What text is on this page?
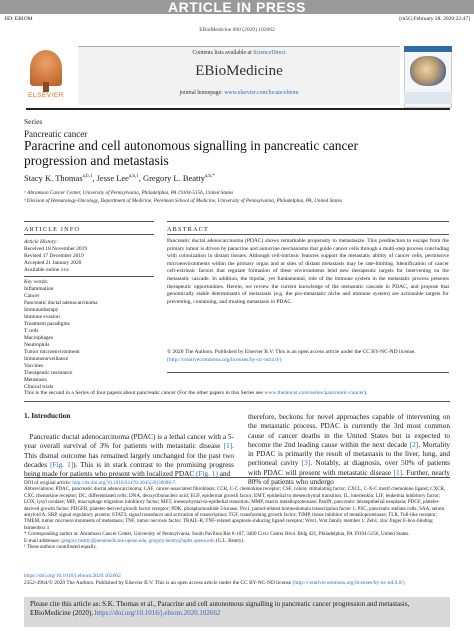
ARTICLE IN PRESS
JID: EBIOM	[m5G;February 28, 2020;22:47]
EBioMedicine 000 (2020) 102662
ELSEVIER
Contents lists available at ScienceDirect
EBioMedicine
journal homepage: www.elsevier.com/locate/ebiom
Series
Pancreatic cancer
Paracrine and cell autonomous signalling in pancreatic cancer
progression and metastasis
Stacy K. Thomas$^{a,b,1}$, Jesse Lee$^{a,b,1}$, Gregory L. Beatty$^{a,b,*}$
ᵃ Abramson Cancer Center, University of Pennsylvania, Philadelphia, PA 19104-5156, United States
ᵇ Division of Hematology-Oncology, Department of Medicine, Perelman School of Medicine, University of Pennsylvania, Philadelphia, PA, United States
ARTICLE INFO	ABSTRACT
Article History:
Received 18 November 2019
Revised 17 December 2019
Accepted 21 January 2020
Available online xxx
Key words:
Inflammation
Cancer
Pancreatic ductal adenocarcinoma
Immunotherapy
Immune evasion
Treatment paradigms
T cells
Macrophages
Neutrophils
Tumor microenvironment
Immunosurveillance
Vaccines
Therapeutic resistance
Metastasis
Clinical trials
Pancreatic ductal adenocarcinoma (PDAC) shows remarkable propensity to metastasize. This predilection to escape from the primary tumor is driven by paracrine and autocrine mechanisms that guide cancer cells through a multi-step process concluding with colonization in distant tissues. Although cell-intrinsic features support the metastatic ability of cancer cells, permissive microenvironments within the primary organ and at sites of distant metastasis may be rate-limiting. Identification of cancer cell-extrinsic factors that regulate formation of these environments lend new therapeutic targets for intervening on the metastatic cascade. In addition, the bipolar, yet fundamental, role of the immune system in the metastatic process presents therapeutic opportunities. Herein, we review the current knowledge of the metastatic cascade in PDAC, and propose that genomically stable determinants of metastasis (e.g. the pro-metastatic niche and immune system) are actionable targets for preventing, containing, and treating metastasis in PDAC.
© 2020 The Authors. Published by Elsevier B.V. This is an open access article under the CC BY-NC-ND license. (http://creativecommons.org/licenses/by-nc-nd/4.0/)
This is the second in a Series of four papers about pancreatic cancer (For the other papers in this Series see www.thelancet.com/series/pancreatic-cancer).
1. Introduction
Pancreatic ductal adenocarcinoma (PDAC) is a lethal cancer with a 5-year overall survival of 3% for patients with metastatic disease [1]. This dismal outcome has remained largely unchanged for the past two decades [Fig. 1]). This is in stark contrast to the promising progress being made for patients who present with localized PDAC (Fig. 1) and
therefore, beckons for novel approaches capable of intervening on the metastatic process. PDAC is currently the 3rd most common cause of cancer deaths in the United States but is expected to become the 2nd leading cause within the next decade [2]. Mortality in PDAC is primarily the result of metastasis to the liver, lung, and peritoneal cavity [3]. Notably, at diagnosis, over 50% of patients with PDAC will present with metastatic disease [1]. Further, nearly 80% of patients who undergo
DOI of original article: http://dx.doi.org/10.1016/S1470-2045(20)30088-7.
Abbreviations: PDAC, pancreatic ductal adenocarcinoma; CAF, cancer-associated fibroblasts; CCR, C-C chemokine receptor; CSF, colony stimulating factor; CXCL, C-X-C motif chemokine ligand; CXCR, CXC chemokine receptor; DC, differentiated cells; DNA, deoxyribonucleic acid; EGF, epidermal growth factor; EMT, epithelial to mesenchymal transition; IL, interleukin; LIF, leukemia inhibitory factor; LOX, lysyl oxidase; MIF, macrophage migration inhibitory factor; MET, mesenchymal-to-epithelial transition; MMP, matrix metalloproteinase; PanIN, pancreatic intraepithelial neoplasia; PDGF, platelet-derived growth factor; PDGFR, platelet-derived growth factor receptor; PDK, phosphoinositide 3-kinase; Prx1, paired-related homeodomain transcription factor 1; PSC, pancreatic stellate cells; SAA, serum amyloid A; SRP, signal regulatory protein; STAT3, signal transducer and activation of transcription; TGF, transforming growth factor; TIMP, tissue inhibitor of metalloproteinase; TLR, Toll-like receptor; TMEM, tumor microenvironments of metastasis; TNF, tumor necrosis factor; TRAIL-R, TNF-related apoptosis-inducing ligand receptor; Wnt1, Wnt family member 1; Zeb1, zinc finger E-box-binding homeobox 1
* Corresponding author at: Abramson Cancer Center, University of Pennsylvania, South Pavilion Rm 8-107, 3400 Civic Center Blvd. Bldg 421, Philadelphia, PA 19104-5156, United States.
E-mail addresses: gregory.beatty@pennmedicine.upenn.edu, gregory.beatty@uphs.upenn.edu (G.L. Beatty).
¹ These authors contributed equally.
https://doi.org/10.1016/j.ebiom.2020.102662
2352-3964/© 2020 The Authors. Published by Elsevier B.V. This is an open access article under the CC BY-NC-ND license (http://creativecommons.org/licenses/by-nc-nd/4.0/)
Please cite this article as: S.K. Thomas et al., Paracrine and cell autonomous signalling in pancreatic cancer progression and metastasis, EBioMedicine (2020), https://doi.org/10.1016/j.ebiom.2020.102662
